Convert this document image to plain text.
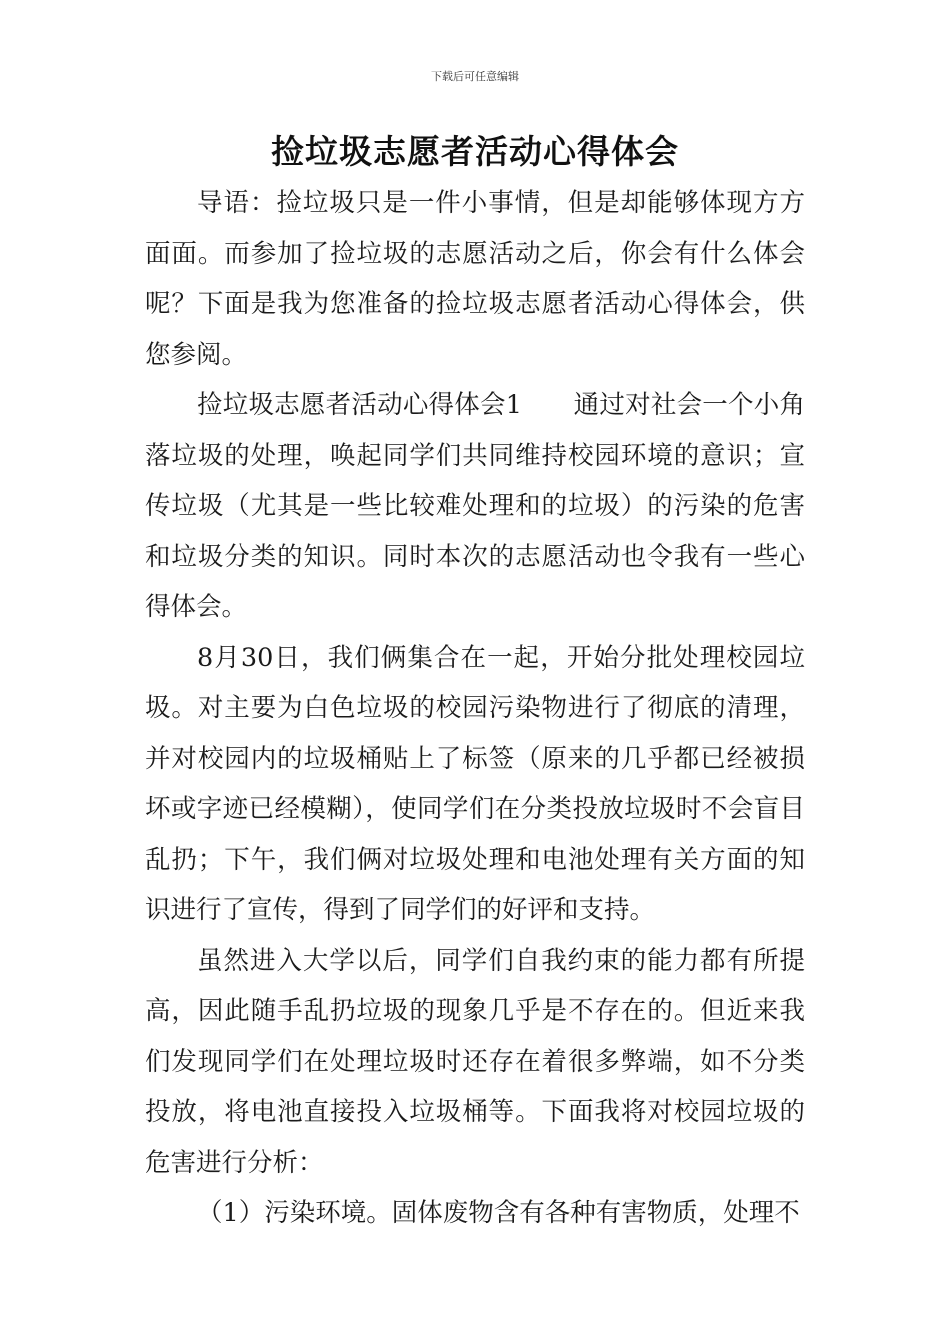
下载后可任意编辑
捡垃圾志愿者活动心得体会

导语：捡垃圾只是一件小事情，但是却能够体现方方面面。而参加了捡垃圾的志愿活动之后，你会有什么体会呢？下面是我为您准备的捡垃圾志愿者活动心得体会，供您参阅。

捡垃圾志愿者活动心得体会1　　通过对社会一个小角落垃圾的处理，唤起同学们共同维持校园环境的意识；宣传垃圾（尤其是一些比较难处理和的垃圾）的污染的危害和垃圾分类的知识。同时本次的志愿活动也令我有一些心得体会。

8月30日，我们俩集合在一起，开始分批处理校园垃圾。对主要为白色垃圾的校园污染物进行了彻底的清理，并对校园内的垃圾桶贴上了标签（原来的几乎都已经被损坏或字迹已经模糊），使同学们在分类投放垃圾时不会盲目乱扔；下午，我们俩对垃圾处理和电池处理有关方面的知识进行了宣传，得到了同学们的好评和支持。

虽然进入大学以后，同学们自我约束的能力都有所提高，因此随手乱扔垃圾的现象几乎是不存在的。但近来我们发现同学们在处理垃圾时还存在着很多弊端，如不分类投放，将电池直接投入垃圾桶等。下面我将对校园垃圾的危害进行分析：

（1）污染环境。固体废物含有各种有害物质，处理不
